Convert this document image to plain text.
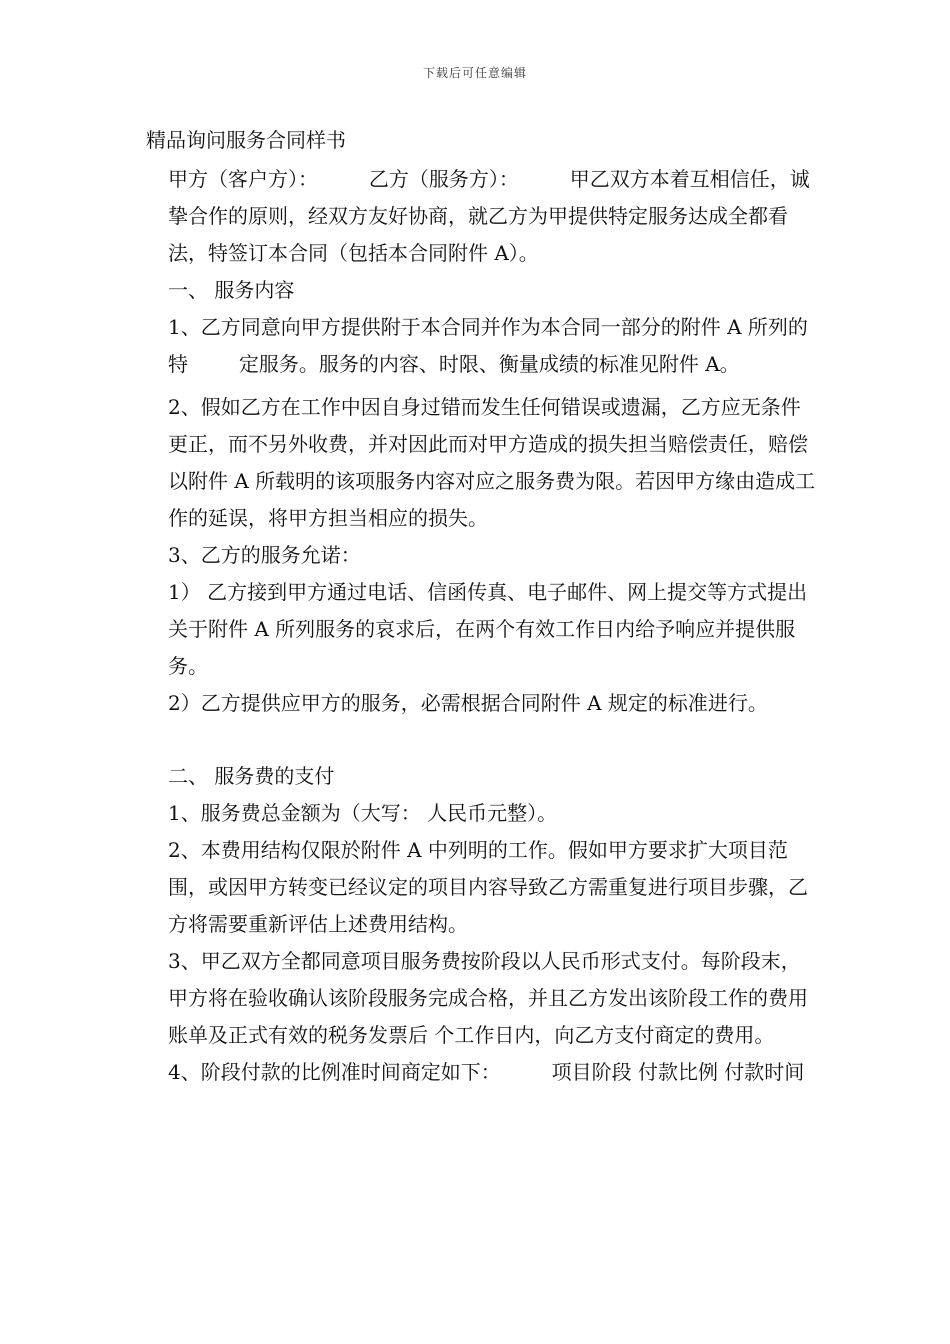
下载后可任意编辑

精品询问服务合同样书

甲方（客户方）：        乙方（服务方）：        甲乙双方本着互相信任，诚挚合作的原则，经双方友好协商，就乙方为甲提供特定服务达成全都看法，特签订本合同（包括本合同附件 A）。

一、 服务内容

1、乙方同意向甲方提供附于本合同并作为本合同一部分的附件 A 所列的特        定服务。服务的内容、时限、衡量成绩的标准见附件 A。

2、假如乙方在工作中因自身过错而发生任何错误或遗漏，乙方应无条件更正，而不另外收费，并对因此而对甲方造成的损失担当赔偿责任，赔偿以附件 A 所载明的该项服务内容对应之服务费为限。若因甲方缘由造成工作的延误，将甲方担当相应的损失。

3、乙方的服务允诺：

1） 乙方接到甲方通过电话、信函传真、电子邮件、网上提交等方式提出关于附件 A 所列服务的哀求后，在两个有效工作日内给予响应并提供服务。

2）乙方提供应甲方的服务，必需根据合同附件 A 规定的标准进行。

二、 服务费的支付

1、服务费总金额为（大写： 人民币元整）。

2、本费用结构仅限於附件 A 中列明的工作。假如甲方要求扩大项目范围，或因甲方转变已经议定的项目内容导致乙方需重复进行项目步骤，乙方将需要重新评估上述费用结构。

3、甲乙双方全都同意项目服务费按阶段以人民币形式支付。每阶段末，甲方将在验收确认该阶段服务完成合格，并且乙方发出该阶段工作的费用账单及正式有效的税务发票后 个工作日内，向乙方支付商定的费用。

4、阶段付款的比例准时间商定如下：        项目阶段 付款比例 付款时间
